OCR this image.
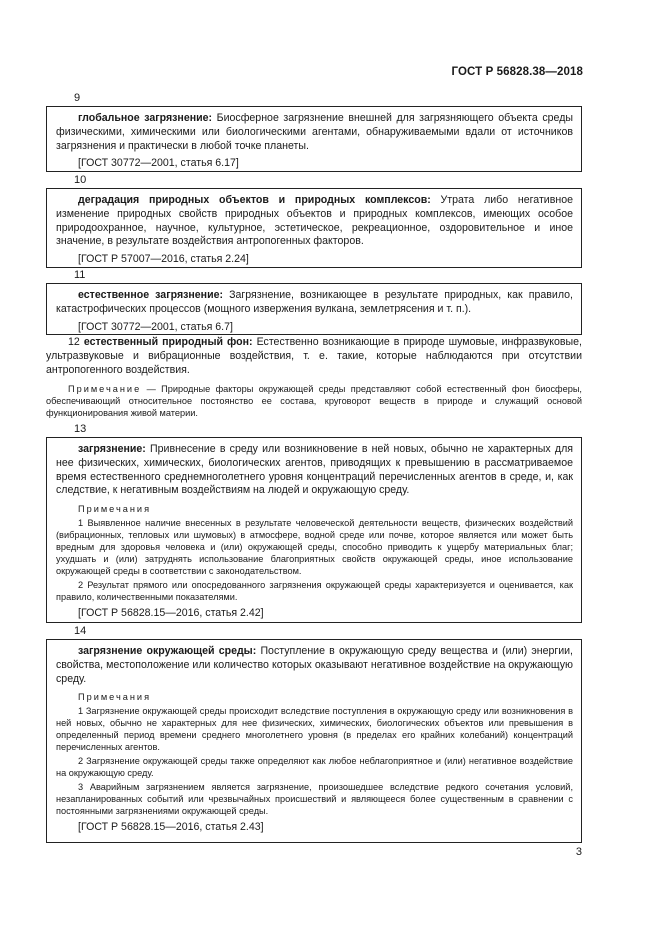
ГОСТ Р 56828.38—2018
9

глобальное загрязнение: Биосферное загрязнение внешней для загрязняющего объекта среды физическими, химическими или биологическими агентами, обнаруживаемыми вдали от источников загрязнения и практически в любой точке планеты.

[ГОСТ 30772—2001, статья 6.17]
10

деградация природных объектов и природных комплексов: Утрата либо негативное изменение природных свойств природных объектов и природных комплексов, имеющих особое природоохранное, научное, культурное, эстетическое, рекреационное, оздоровительное и иное значение, в результате воздействия антропогенных факторов.

[ГОСТ Р 57007—2016, статья 2.24]
11

естественное загрязнение: Загрязнение, возникающее в результате природных, как правило, катастрофических процессов (мощного извержения вулкана, землетрясения и т. п.).

[ГОСТ 30772—2001, статья 6.7]

12 естественный природный фон: Естественно возникающие в природе шумовые, инфразвуковые, ультразвуковые и вибрационные воздействия, т. е. такие, которые наблюдаются при отсутствии антропогенного воздействия.

Примечание — Природные факторы окружающей среды представляют собой естественный фон биосферы, обеспечивающий относительное постоянство ее состава, круговорот веществ в природе и служащий основой функционирования живой материи.

13

загрязнение: Привнесение в среду или возникновение в ней новых, обычно не характерных для нее физических, химических, биологических агентов, приводящих к превышению в рассматриваемое время естественного среднемноголетнего уровня концентраций перечисленных агентов в среде, и, как следствие, к негативным воздействиям на людей и окружающую среду.

Примечания

1 Выявленное наличие внесенных в результате человеческой деятельности веществ, физических воздействий (вибрационных, тепловых или шумовых) в атмосфере, водной среде или почве, которое является или может быть вредным для здоровья человека и (или) окружающей среды, способно приводить к ущербу материальных благ; ухудшать и (или) затруднять использование благоприятных свойств окружающей среды, иное использование окружающей среды в соответствии с законодательством.

2 Результат прямого или опосредованного загрязнения окружающей среды характеризуется и оценивается, как правило, количественными показателями.

[ГОСТ Р 56828.15—2016, статья 2.42]
14

загрязнение окружающей среды: Поступление в окружающую среду вещества и (или) энергии, свойства, местоположение или количество которых оказывают негативное воздействие на окружающую среду.

Примечания

1 Загрязнение окружающей среды происходит вследствие поступления в окружающую среду или возникновения в ней новых, обычно не характерных для нее физических, химических, биологических объектов или превышения в определенный период времени среднего многолетнего уровня (в пределах его крайних колебаний) концентраций перечисленных агентов.

2 Загрязнение окружающей среды также определяют как любое неблагоприятное и (или) негативное воздействие на окружающую среду.

3 Аварийным загрязнением является загрязнение, произошедшее вследствие редкого сочетания условий, незапланированных событий или чрезвычайных происшествий и являющееся более существенным в сравнении с постоянными загрязнениями окружающей среды.

[ГОСТ Р 56828.15—2016, статья 2.43]
3
